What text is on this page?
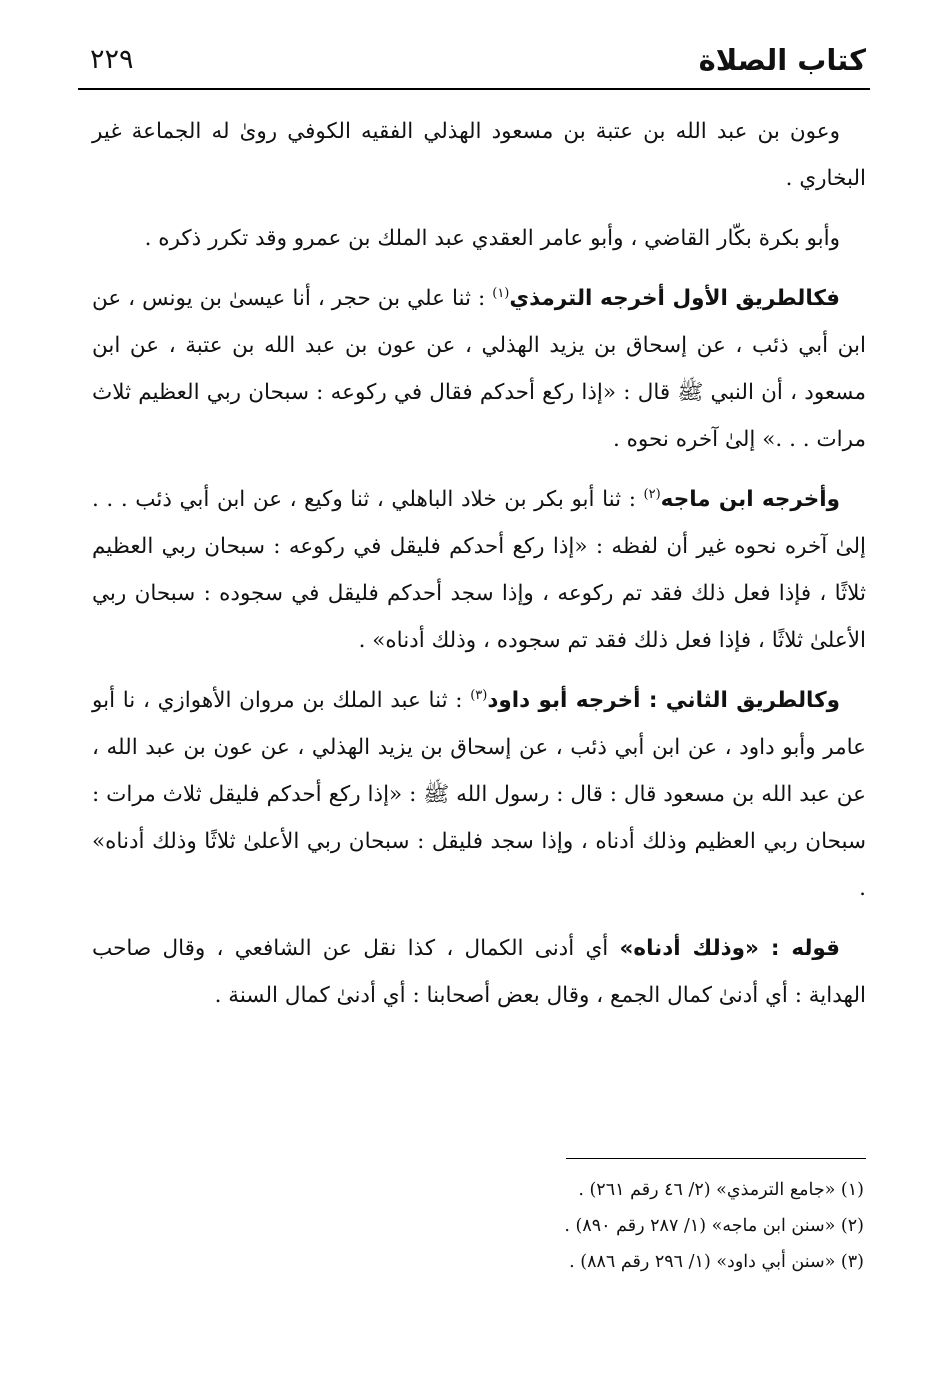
كتاب الصلاة
٢٢٩

وعون بن عبد الله بن عتبة بن مسعود الهذلي الفقيه الكوفي روىٰ له الجماعة غير البخاري .

وأبو بكرة بكّار القاضي ، وأبو عامر العقدي عبد الملك بن عمرو وقد تكرر ذكره .

فكالطريق الأول أخرجه الترمذي$^{(١)}$ : ثنا علي بن حجر ، أنا عيسىٰ بن يونس ، عن ابن أبي ذئب ، عن إسحاق بن يزيد الهذلي ، عن عون بن عبد الله بن عتبة ، عن ابن مسعود ، أن النبي ﷺ قال : «إذا ركع أحدكم فقال في ركوعه : سبحان ربي العظيم ثلاث مرات . . .» إلىٰ آخره نحوه .

وأخرجه ابن ماجه$^{(٢)}$ : ثنا أبو بكر بن خلاد الباهلي ، ثنا وكيع ، عن ابن أبي ذئب . . . إلىٰ آخره نحوه غير أن لفظه : «إذا ركع أحدكم فليقل في ركوعه : سبحان ربي العظيم ثلاثًا ، فإذا فعل ذلك فقد تم ركوعه ، وإذا سجد أحدكم فليقل في سجوده : سبحان ربي الأعلىٰ ثلاثًا ، فإذا فعل ذلك فقد تم سجوده ، وذلك أدناه» .

وكالطريق الثاني : أخرجه أبو داود$^{(٣)}$ : ثنا عبد الملك بن مروان الأهوازي ، نا أبو عامر وأبو داود ، عن ابن أبي ذئب ، عن إسحاق بن يزيد الهذلي ، عن عون بن عبد الله ، عن عبد الله بن مسعود قال : قال : رسول الله ﷺ : «إذا ركع أحدكم فليقل ثلاث مرات : سبحان ربي العظيم وذلك أدناه ، وإذا سجد فليقل : سبحان ربي الأعلىٰ ثلاثًا وذلك أدناه» .

قوله : «وذلك أدناه» أي أدنى الكمال ، كذا نقل عن الشافعي ، وقال صاحب الهداية : أي أدنىٰ كمال الجمع ، وقال بعض أصحابنا : أي أدنىٰ كمال السنة .

(١) «جامع الترمذي» (٢/ ٤٦ رقم ٢٦١) .

(٢) «سنن ابن ماجه» (١/ ٢٨٧ رقم ٨٩٠) .

(٣) «سنن أبي داود» (١/ ٢٩٦ رقم ٨٨٦) .
